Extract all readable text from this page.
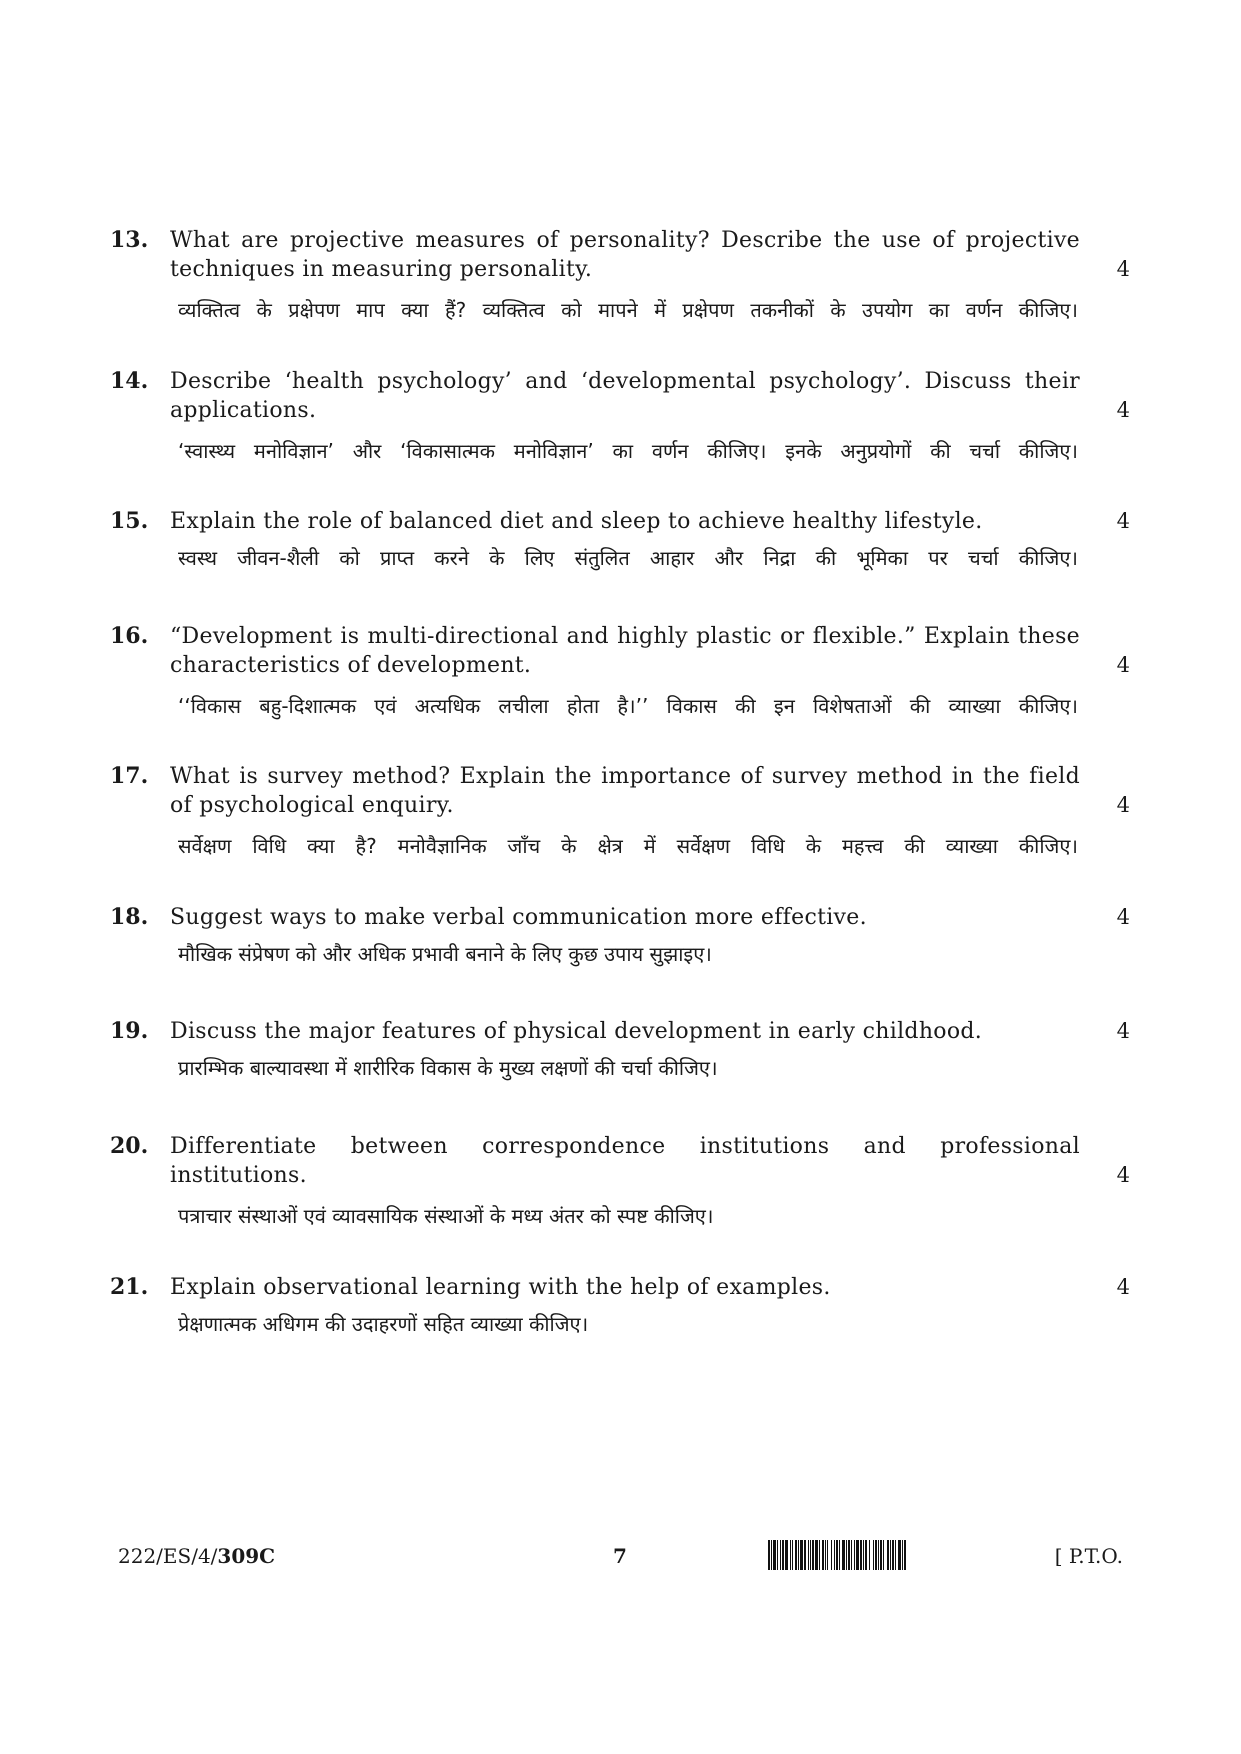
13. What are projective measures of personality? Describe the use of projective techniques in measuring personality.	4
व्यक्तित्व के प्रक्षेपण माप क्या हैं? व्यक्तित्व को मापने में प्रक्षेपण तकनीकों के उपयोग का वर्णन कीजिए।
14. Describe ‘health psychology’ and ‘developmental psychology’. Discuss their applications.	4
‘स्वास्थ्य मनोविज्ञान’ और ‘विकासात्मक मनोविज्ञान’ का वर्णन कीजिए। इनके अनुप्रयोगों की चर्चा कीजिए।
15. Explain the role of balanced diet and sleep to achieve healthy lifestyle.	4
स्वस्थ जीवन-शैली को प्राप्त करने के लिए संतुलित आहार और निद्रा की भूमिका पर चर्चा कीजिए।
16. “Development is multi-directional and highly plastic or flexible.” Explain these characteristics of development.	4
‘‘विकास बहु-दिशात्मक एवं अत्यधिक लचीला होता है।’’ विकास की इन विशेषताओं की व्याख्या कीजिए।
17. What is survey method? Explain the importance of survey method in the field of psychological enquiry.	4
सर्वेक्षण विधि क्या है? मनोवैज्ञानिक जाँच के क्षेत्र में सर्वेक्षण विधि के महत्त्व की व्याख्या कीजिए।
18. Suggest ways to make verbal communication more effective.	4
मौखिक संप्रेषण को और अधिक प्रभावी बनाने के लिए कुछ उपाय सुझाइए।
19. Discuss the major features of physical development in early childhood.	4
प्रारम्भिक बाल्यावस्था में शारीरिक विकास के मुख्य लक्षणों की चर्चा कीजिए।
20. Differentiate between correspondence institutions and professional institutions.	4
पत्राचार संस्थाओं एवं व्यावसायिक संस्थाओं के मध्य अंतर को स्पष्ट कीजिए।
21. Explain observational learning with the help of examples.	4
प्रेक्षणात्मक अधिगम की उदाहरणों सहित व्याख्या कीजिए।
222/ES/4/309C	7	[ P.T.O.
